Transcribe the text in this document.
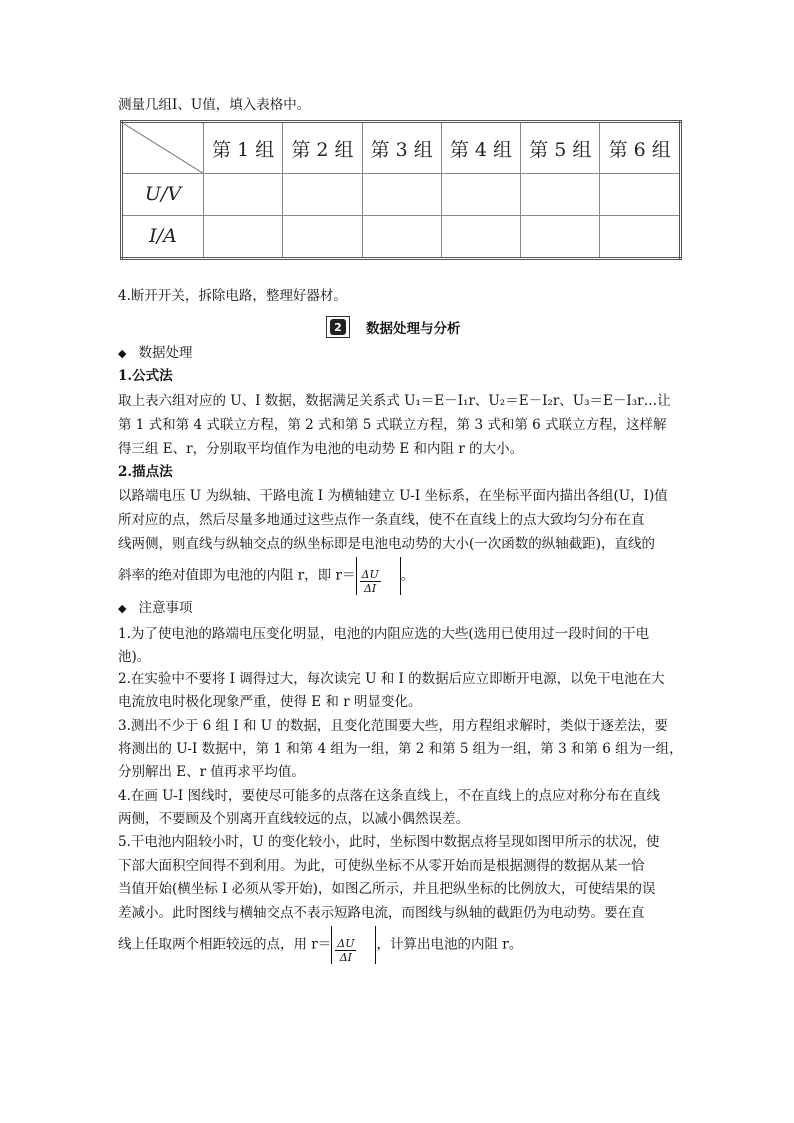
测量几组I、U值，填入表格中。
	第 1 组	第 2 组	第 3 组	第 4 组	第 5 组	第 6 组
U/V						
I/A						
4.断开开关，拆除电路，整理好器材。
2	数据处理与分析
◆ 数据处理
1.公式法
取上表六组对应的 U、I 数据，数据满足关系式 U₁＝E－I₁r、U₂＝E－I₂r、U₃＝E－I₃r…让
第 1 式和第 4 式联立方程，第 2 式和第 5 式联立方程，第 3 式和第 6 式联立方程，这样解
得三组 E、r，分别取平均值作为电池的电动势 E 和内阻 r 的大小。
2.描点法
以路端电压 U 为纵轴、干路电流 I 为横轴建立 U-I 坐标系，在坐标平面内描出各组(U，I)值
所对应的点，然后尽量多地通过这些点作一条直线，使不在直线上的点大致均匀分布在直
线两侧，则直线与纵轴交点的纵坐标即是电池电动势的大小(一次函数的纵轴截距)，直线的
斜率的绝对值即为电池的内阻 r，即 $r= \frac{\Delta U}{\Delta I}$ 。
◆ 注意事项
1.为了使电池的路端电压变化明显，电池的内阻应选的大些(选用已使用过一段时间的干电
池)。
2.在实验中不要将 I 调得过大，每次读完 U 和 I 的数据后应立即断开电源，以免干电池在大
电流放电时极化现象严重，使得 E 和 r 明显变化。
3.测出不少于 6 组 I 和 U 的数据，且变化范围要大些，用方程组求解时，类似于逐差法，要
将测出的 U-I 数据中，第 1 和第 4 组为一组，第 2 和第 5 组为一组，第 3 和第 6 组为一组，
分别解出 E、r 值再求平均值。
4.在画 U-I 图线时，要使尽可能多的点落在这条直线上，不在直线上的点应对称分布在直线
两侧，不要顾及个别离开直线较远的点，以减小偶然误差。
5.干电池内阻较小时，U 的变化较小，此时，坐标图中数据点将呈现如图甲所示的状况，使
下部大面积空间得不到利用。为此，可使纵坐标不从零开始而是根据测得的数据从某一恰
当值开始(横坐标 I 必须从零开始)，如图乙所示，并且把纵坐标的比例放大，可使结果的误
差减小。此时图线与横轴交点不表示短路电流，而图线与纵轴的截距仍为电动势。要在直
线上任取两个相距较远的点，用 $r= \frac{\Delta U}{\Delta I}$ ，计算出电池的内阻 r。
